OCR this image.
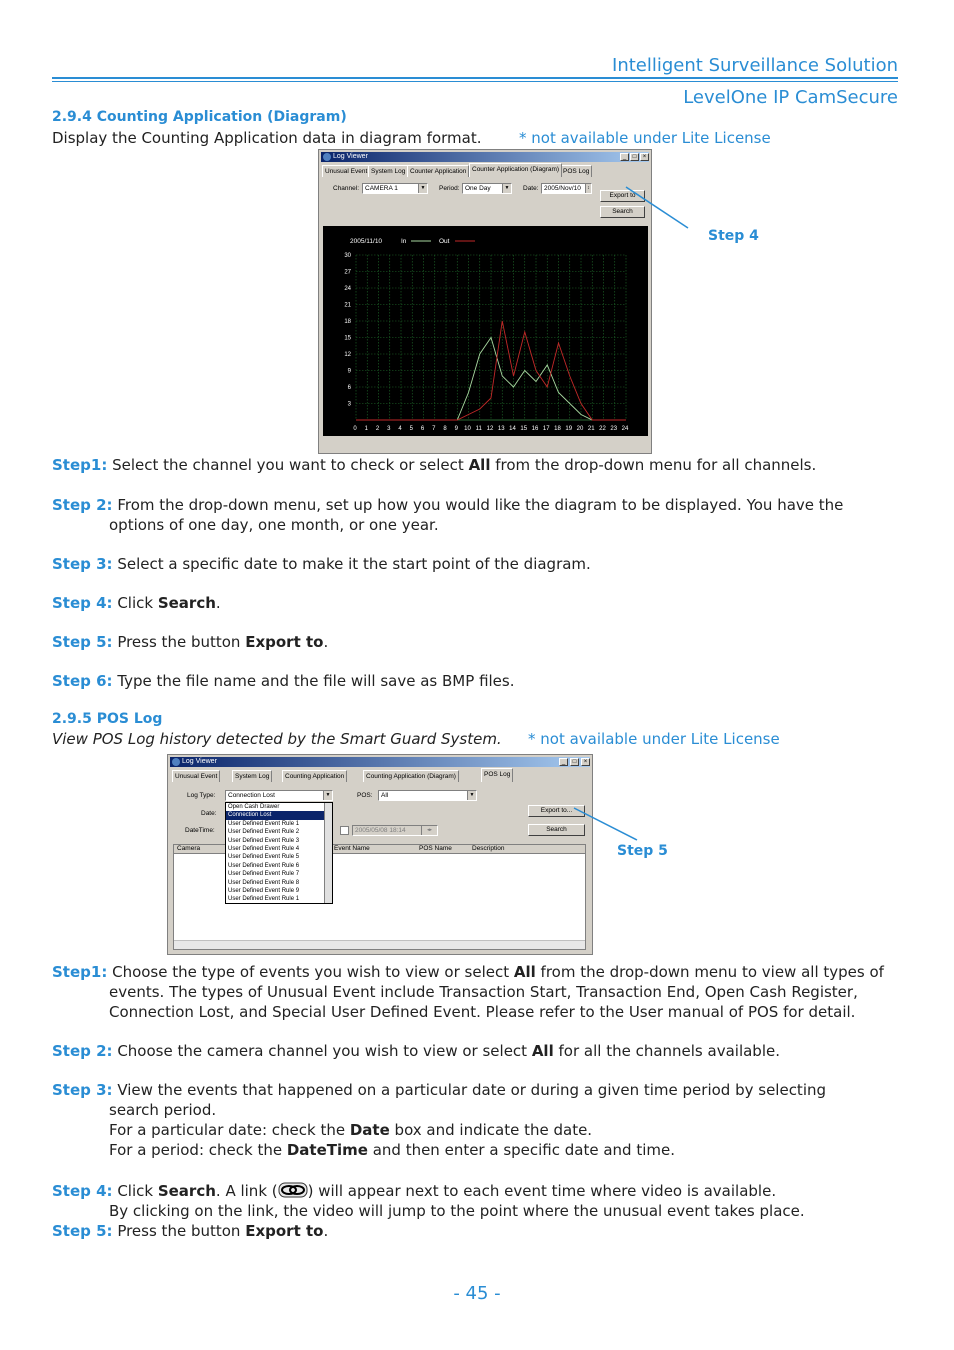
Intelligent Surveillance Solution
LevelOne IP CamSecure
2.9.4 Counting Application (Diagram)
Display the Counting Application data in diagram format.	* not available under Lite License
Log Viewer	_	□	×
Unusual Event System Log Counter Application Counter Application (Diagram) POS Log
Channel: CAMERA 1	▼ Period: One Day	▼ Date: 2005/Nov/10	↕
Export to
Search
0 1 2 3 4 5 6 7 8 9 10 11 12 13 14 15 16 17 18 19 20 21 22 23 24
3
6
9
12
15
18
21
24
27
30
2005/11/10	In	Out	Step 4
Step1: Select the channel you want to check or select All from the drop-down menu for all channels.
Step 2: From the drop-down menu, set up how you would like the diagram to be displayed. You have the
options of one day, one month, or one year.
Step 3: Select a specific date to make it the start point of the diagram.
Step 4: Click Search.
Step 5: Press the button Export to.
Step 6: Type the file name and the file will save as BMP files.
2.9.5 POS Log
View POS Log history detected by the Smart Guard System. * not available under Lite License
Log Viewer	_	□	×
Unusual Event	System Log	Counting Application	Counting Application (Diagram)	POS Log
Log Type:	Connection Lost	▼	POS:	All	▼
Date:
DateTime:	2005/05/08 18:14	◂▸
Export to...
Search
Camera	Event Name	POS Name	Description
Open Cash Drawer
Connection Lost
User Defined Event Rule 1
User Defined Event Rule 2
User Defined Event Rule 3
User Defined Event Rule 4
User Defined Event Rule 5
User Defined Event Rule 6
User Defined Event Rule 7
User Defined Event Rule 8
User Defined Event Rule 9
User Defined Event Rule 1
Step 5
Step1: Choose the type of events you wish to view or select All from the drop-down menu to view all types of
events. The types of Unusual Event include Transaction Start, Transaction End, Open Cash Register,
Connection Lost, and Special User Defined Event. Please refer to the User manual of POS for detail.
Step 2: Choose the camera channel you wish to view or select All for all the channels available.
Step 3: View the events that happened on a particular date or during a given time period by selecting
search period.
For a particular date: check the Date box and indicate the date.
For a period: check the DateTime and then enter a specific date and time.
Step 4: Click Search. A link ( ) will appear next to each event time where video is available.
By clicking on the link, the video will jump to the point where the unusual event takes place.
Step 5: Press the button Export to.
- 45 -
